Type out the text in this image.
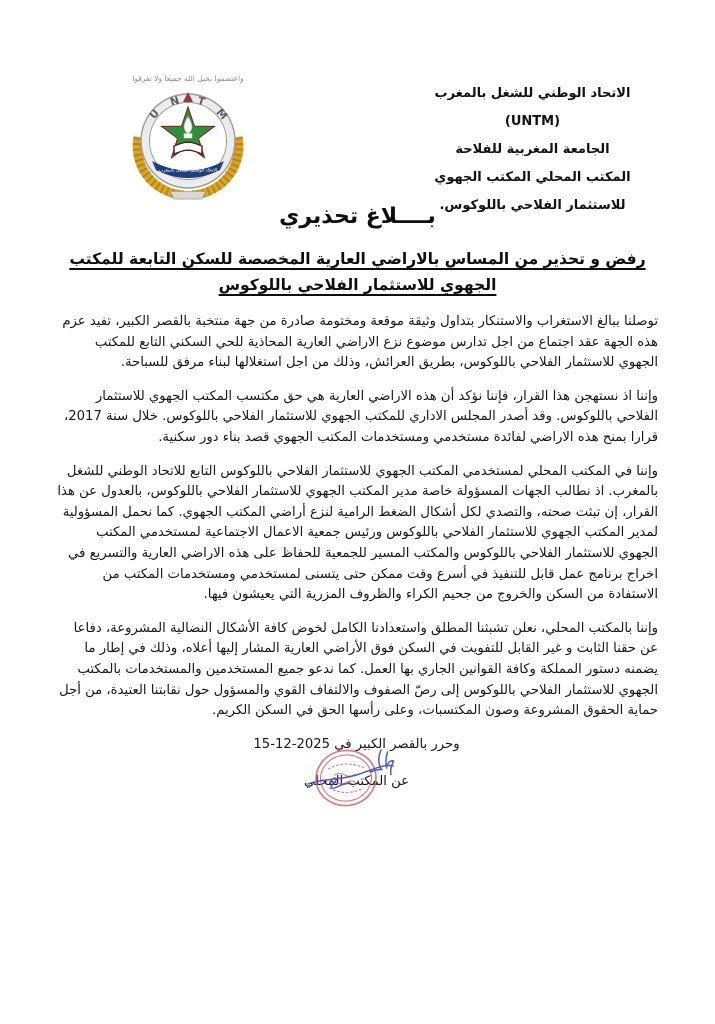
واعتصموا بحبل الله جميعا ولا تفرقوا
U
N T
M
الاتحاد الوطني للشغل بالمغرب
الاتحاد الوطني للشغل بالمغرب (UNTM)
الجامعة المغربية للفلاحة
المكتب المحلي المكتب الجهوي
للاستثمار الفلاحي باللوكوس.
بــــلاغ تحذيري
رفض و تحذير من المساس بالاراضي العارية المخصصة للسكن التابعة للمكتب الجهوي للاستثمار الفلاحي باللوكوس

توصلنا ببالغ الاستغراب والاستنكار بتداول وثيقة موقعة ومختومة صادرة من جهة منتخبة بالقصر الكبير، تفيد عزم هذه الجهة عقد اجتماع من اجل تدارس موضوع نزع الاراضي العارية المحاذية للحي السكني التابع للمكتب الجهوي للاستثمار الفلاحي باللوكوس، بطريق العرائش، وذلك من اجل استغلالها لبناء مرفق للسباحة.

وإننا اذ نستهجن هذا القرار، فإننا نؤكد أن هذه الاراضي العارية هي حق مكتسب المكتب الجهوي للاستثمار الفلاحي باللوكوس. وقد أصدر المجلس الاداري للمكتب الجهوي للاستثمار الفلاحي باللوكوس. خلال سنة 2017، قرارا بمنح هذه الاراضي لفائدة مستخدمي ومستخدمات المكتب الجهوي قصد بناء دور سكنية.

وإننا في المكتب المحلي لمستخدمي المكتب الجهوي للاستثمار الفلاحي باللوكوس التابع للاتحاد الوطني للشغل بالمغرب. اذ نطالب الجهات المسؤولة خاصة مدير المكتب الجهوي للاستثمار الفلاحي باللوكوس، بالعدول عن هذا القرار، إن تبثت صحته، والتصدي لكل أشكال الضغط الرامية لنزع أراضي المكتب الجهوي. كما نحمل المسؤولية لمدير المكتب الجهوي للاستثمار الفلاحي باللوكوس ورئيس جمعية الاعمال الاجتماعية لمستخدمي المكتب الجهوي للاستثمار الفلاحي باللوكوس والمكتب المسير للجمعية للحفاظ على هذه الاراضي العارية والتسريع في اخراج برنامج عمل قابل للتنفيذ في أسرع وقت ممكن حتى يتسنى لمستخدمي ومستخدمات المكتب من الاستفادة من السكن والخروج من جحيم الكراء والظروف المزرية التي يعيشون فيها.

وإننا بالمكتب المحلي، نعلن تشبثنا المطلق واستعدادنا الكامل لخوض كافة الأشكال النضالية المشروعة، دفاعا عن حقنا الثابت و غير القابل للتفويت في السكن فوق الأراضي العارية المشار إليها أعلاه، وذلك في إطار ما يضمنه دستور المملكة وكافة القوانين الجاري بها العمل. كما ندعو جميع المستخدمين والمستخدمات بالمكتب الجهوي للاستثمار الفلاحي باللوكوس إلى رصّ الصفوف والالتفاف القوي والمسؤول حول نقابتنا العتيدة، من أجل حماية الحقوق المشروعة وصون المكتسبات، وعلى رأسها الحق في السكن الكريم.

وحرر بالقصر الكبير في 2025-12-15
عن المكتب المحلي
